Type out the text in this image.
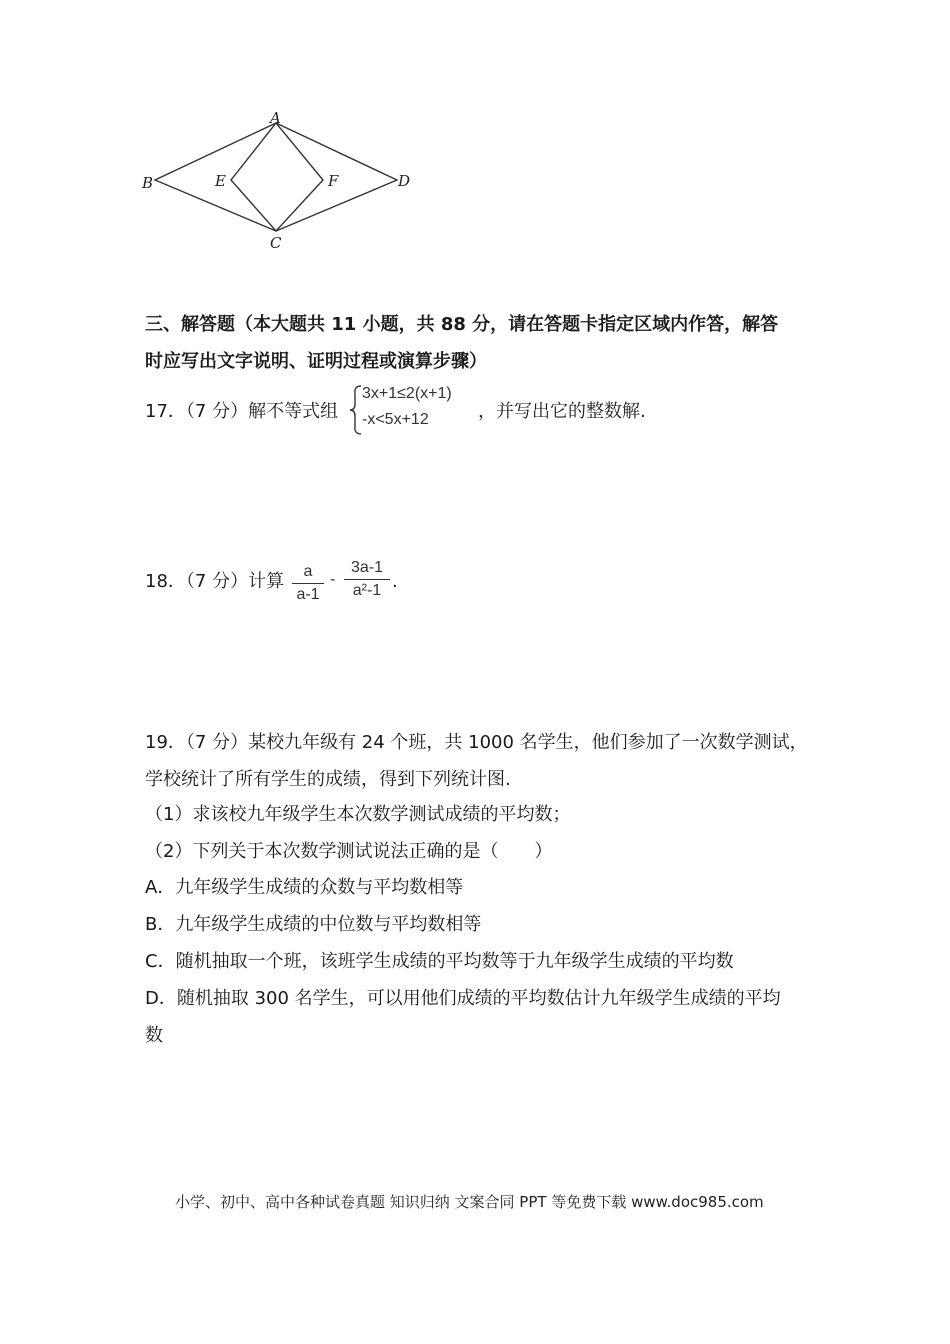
A
B
C
D
E	F
三、解答题（本大题共 11 小题，共 88 分，请在答题卡指定区域内作答，解答
时应写出文字说明、证明过程或演算步骤）
17．（7 分）解不等式组
3x+1≤2(x+1)
-x<5x+12	，并写出它的整数解.
18．（7 分）计算	a
a-1
-
3a-1
a²-1 .
19．（7 分）某校九年级有 24 个班，共 1000 名学生，他们参加了一次数学测试，
学校统计了所有学生的成绩，得到下列统计图.
（1）求该校九年级学生本次数学测试成绩的平均数；
（2）下列关于本次数学测试说法正确的是（　　）
A．九年级学生成绩的众数与平均数相等
B．九年级学生成绩的中位数与平均数相等
C．随机抽取一个班，该班学生成绩的平均数等于九年级学生成绩的平均数
D．随机抽取 300 名学生，可以用他们成绩的平均数估计九年级学生成绩的平均
数
小学、初中、高中各种试卷真题 知识归纳 文案合同 PPT 等免费下载 www.doc985.com
